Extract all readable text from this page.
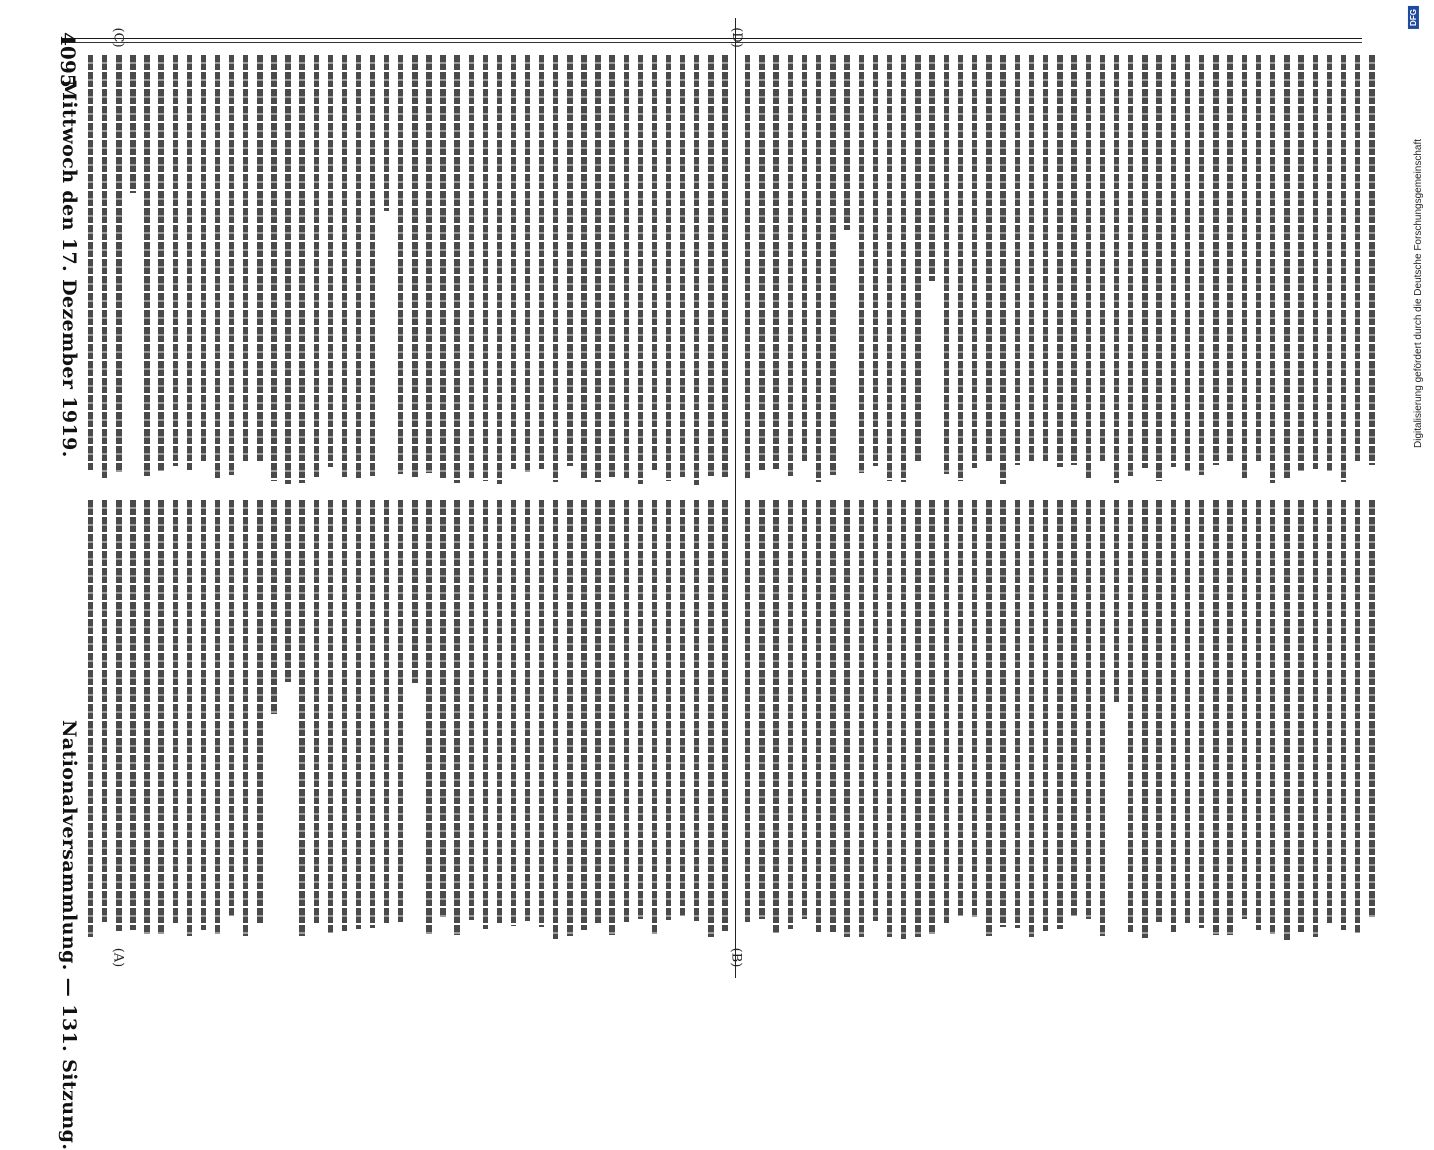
Nationalversammlung. — 131. Sitzung.
Mittwoch den 17. Dezember 1919.
4095
(A)	(B)
(C)	(D)
DFG
Digitalisierung gefördert durch die Deutsche Forschungsgemeinschaft
